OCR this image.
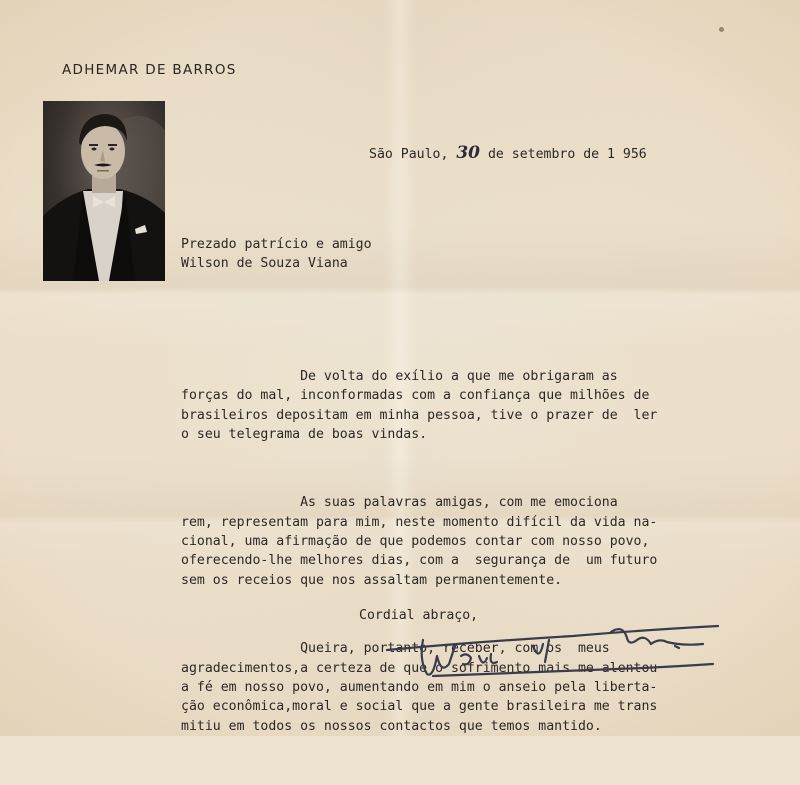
ADHEMAR DE BARROS
São Paulo, 30 de setembro de 1 956
Prezado patrício e amigo
Wilson de Souza Viana

De volta do exílio a que me obrigaram as
forças do mal, inconformadas com a confiança que milhões de
brasileiros depositam em minha pessoa, tive o prazer de  ler
o seu telegrama de boas vindas.

As suas palavras amigas, com me emociona
rem, representam para mim, neste momento difícil da vida na-
cional, uma afirmação de que podemos contar com nosso povo,
oferecendo-lhe melhores dias, com a  segurança de  um futuro
sem os receios que nos assaltam permanentemente.

Queira, portanto, receber, com os  meus
agradecimentos,a certeza de que o sofrimento mais me alentou
a fé em nosso povo, aumentando em mim o anseio pela liberta-
ção econômica,moral e social que a gente brasileira me trans
mitiu em todos os nossos contactos que temos mantido.

Cordial abraço,
